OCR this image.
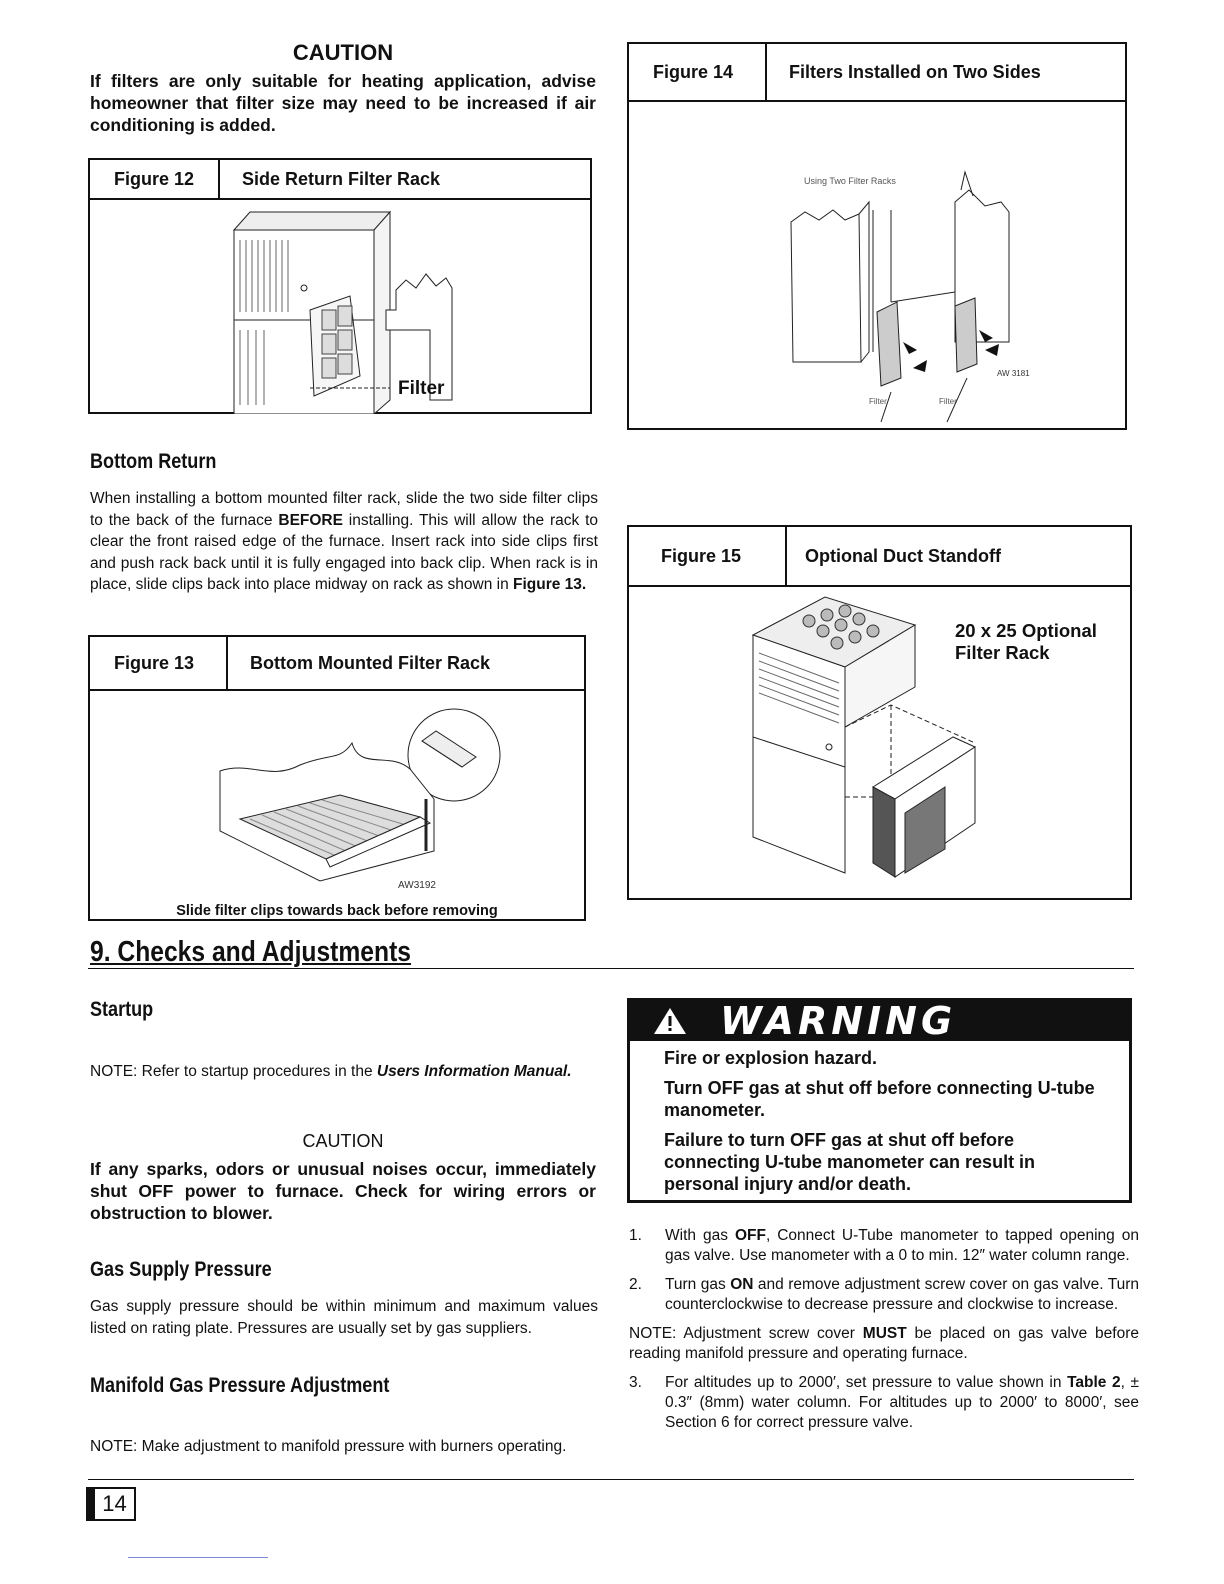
CAUTION
If filters are only suitable for heating application, advise homeowner that filter size may need to be increased if air conditioning is added.
Figure 12	Side Return Filter Rack
Filter
Bottom Return

When installing a bottom mounted filter rack, slide the two side filter clips to the back of the furnace BEFORE installing. This will allow the rack to clear the front raised edge of the furnace. Insert rack into side clips first and push rack back until it is fully engaged into back clip. When rack is in place, slide clips back into place midway on rack as shown in Figure 13.

Figure 13	Bottom Mounted Filter Rack
AW3192
Slide filter clips towards back before removing
Figure 14	Filters Installed on Two Sides
Using Two Filter Racks
AW 3181
Filter	Filter
Figure 15	Optional Duct Standoff
20 x 25 Optional
Filter Rack
9. Checks and Adjustments
Startup

NOTE: Refer to startup procedures in the Users Information Manual.

CAUTION
If any sparks, odors or unusual noises occur, immediately shut OFF power to furnace. Check for wiring errors or obstruction to blower.
Gas Supply Pressure

Gas supply pressure should be within minimum and maximum values listed on rating plate. Pressures are usually set by gas suppliers.

Manifold Gas Pressure Adjustment

NOTE: Make adjustment to manifold pressure with burners operating.

WARNING
Fire or explosion hazard.
Turn OFF gas at shut off before connecting U-tube manometer.
Failure to turn OFF gas at shut off before connecting U-tube manometer can result in personal injury and/or death.
1.	With gas OFF, Connect U-Tube manometer to tapped opening on gas valve. Use manometer with a 0 to min. 12″ water column range.
2.	Turn gas ON and remove adjustment screw cover on gas valve. Turn counterclockwise to decrease pressure and clockwise to increase.
NOTE: Adjustment screw cover MUST be placed on gas valve before reading manifold pressure and operating furnace.
3.	For altitudes up to 2000′, set pressure to value shown in Table 2, ± 0.3″ (8mm) water column. For altitudes up to 2000′ to 8000′, see Section 6 for correct pressure valve.
14
